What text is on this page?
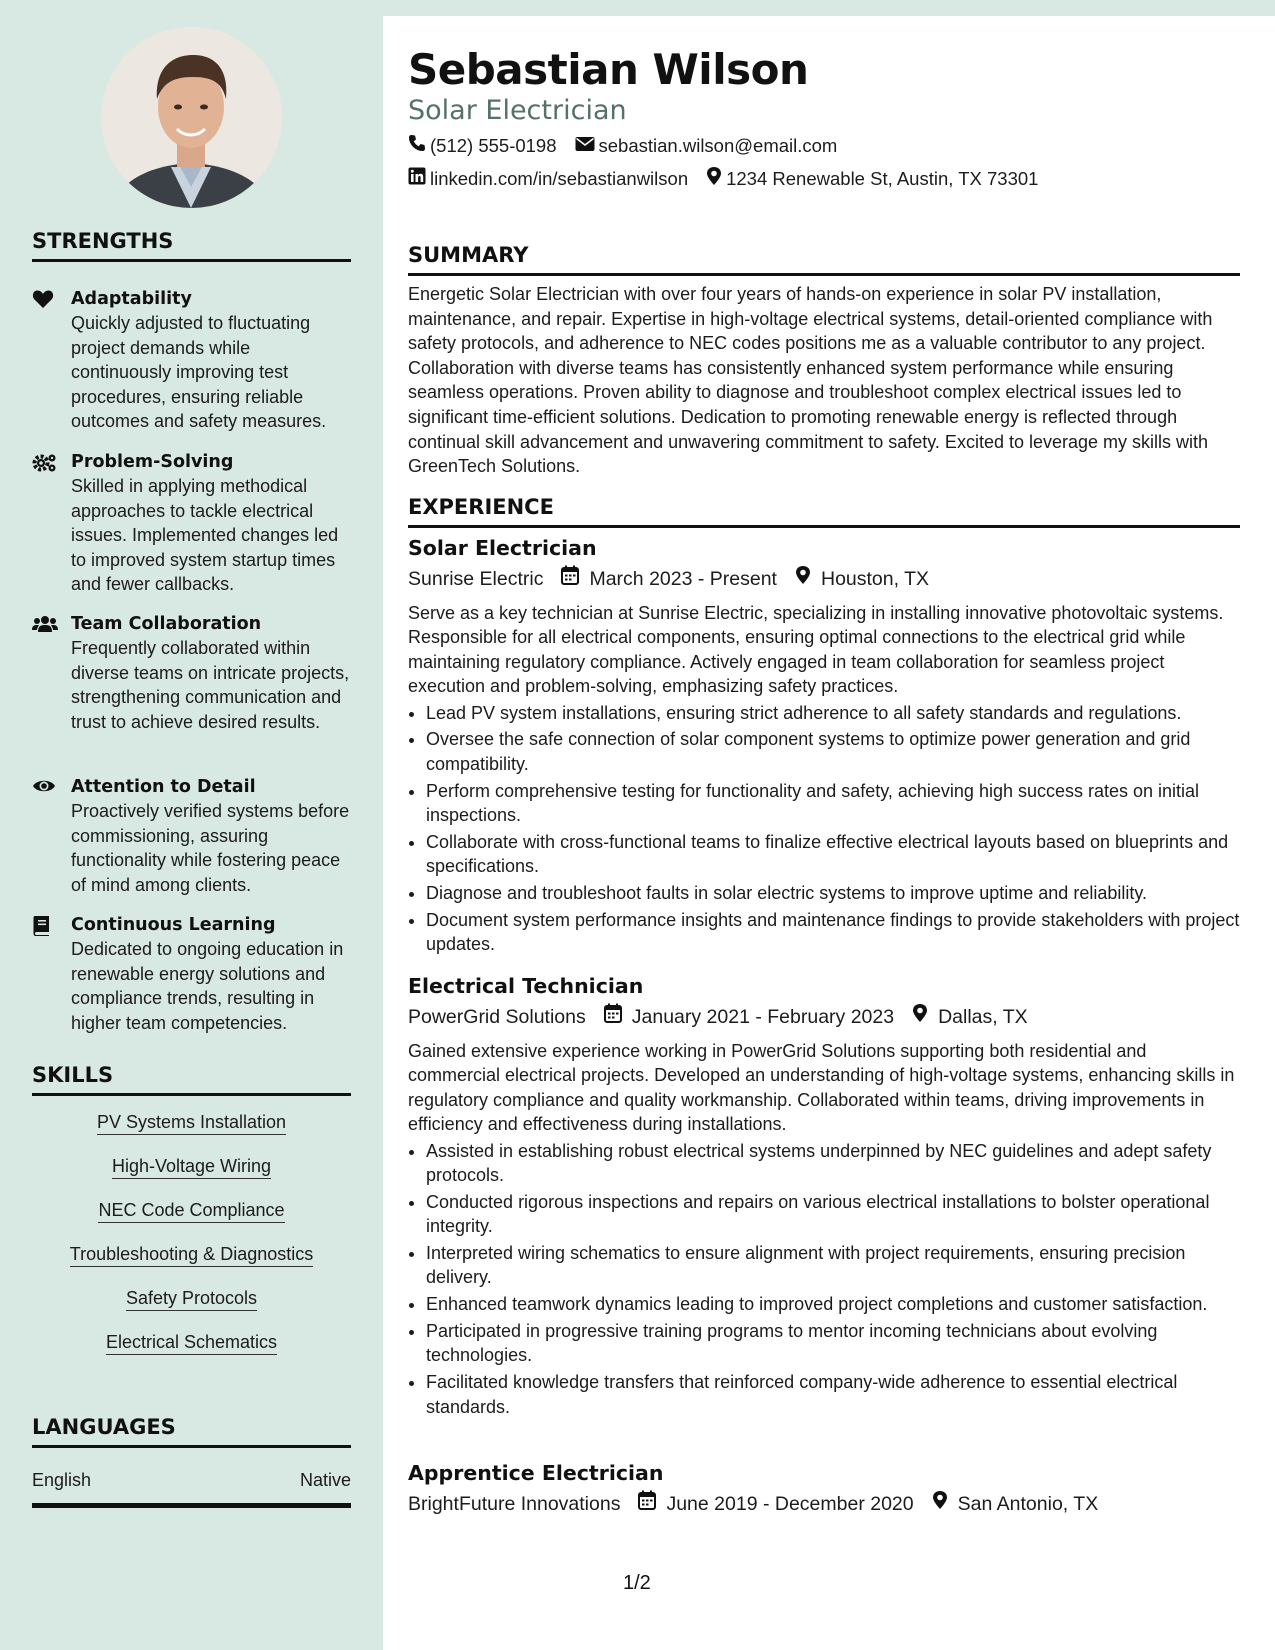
STRENGTHS
Adaptability
Quickly adjusted to fluctuating project demands while continuously improving test procedures, ensuring reliable outcomes and safety measures.
Problem-Solving
Skilled in applying methodical approaches to tackle electrical issues. Implemented changes led to improved system startup times and fewer callbacks.
Team Collaboration
Frequently collaborated within diverse teams on intricate projects, strengthening communication and trust to achieve desired results.
Attention to Detail
Proactively verified systems before commissioning, assuring functionality while fostering peace of mind among clients.
Continuous Learning
Dedicated to ongoing education in renewable energy solutions and compliance trends, resulting in higher team competencies.
SKILLS
PV Systems Installation
High-Voltage Wiring
NEC Code Compliance
Troubleshooting & Diagnostics
Safety Protocols
Electrical Schematics
LANGUAGES
English	Native
Sebastian Wilson
Solar Electrician
(512) 555-0198 sebastian.wilson@email.com
linkedin.com/in/sebastianwilson 1234 Renewable St, Austin, TX 73301
SUMMARY
Energetic Solar Electrician with over four years of hands-on experience in solar PV installation, maintenance, and repair. Expertise in high-voltage electrical systems, detail-oriented compliance with safety protocols, and adherence to NEC codes positions me as a valuable contributor to any project. Collaboration with diverse teams has consistently enhanced system performance while ensuring seamless operations. Proven ability to diagnose and troubleshoot complex electrical issues led to significant time-efficient solutions. Dedication to promoting renewable energy is reflected through continual skill advancement and unwavering commitment to safety. Excited to leverage my skills with GreenTech Solutions.
EXPERIENCE
Solar Electrician
Sunrise Electric March 2023 - Present Houston, TX
Serve as a key technician at Sunrise Electric, specializing in installing innovative photovoltaic systems. Responsible for all electrical components, ensuring optimal connections to the electrical grid while maintaining regulatory compliance. Actively engaged in team collaboration for seamless project execution and problem-solving, emphasizing safety practices.
• Lead PV system installations, ensuring strict adherence to all safety standards and regulations.
• Oversee the safe connection of solar component systems to optimize power generation and grid compatibility.
• Perform comprehensive testing for functionality and safety, achieving high success rates on initial inspections.
• Collaborate with cross-functional teams to finalize effective electrical layouts based on blueprints and specifications.
• Diagnose and troubleshoot faults in solar electric systems to improve uptime and reliability.
• Document system performance insights and maintenance findings to provide stakeholders with project updates.
Electrical Technician
PowerGrid Solutions January 2021 - February 2023 Dallas, TX
Gained extensive experience working in PowerGrid Solutions supporting both residential and commercial electrical projects. Developed an understanding of high-voltage systems, enhancing skills in regulatory compliance and quality workmanship. Collaborated within teams, driving improvements in efficiency and effectiveness during installations.
• Assisted in establishing robust electrical systems underpinned by NEC guidelines and adept safety protocols.
• Conducted rigorous inspections and repairs on various electrical installations to bolster operational integrity.
• Interpreted wiring schematics to ensure alignment with project requirements, ensuring precision delivery.
• Enhanced teamwork dynamics leading to improved project completions and customer satisfaction.
• Participated in progressive training programs to mentor incoming technicians about evolving technologies.
• Facilitated knowledge transfers that reinforced company-wide adherence to essential electrical standards.
Apprentice Electrician
BrightFuture Innovations June 2019 - December 2020 San Antonio, TX
1/2
